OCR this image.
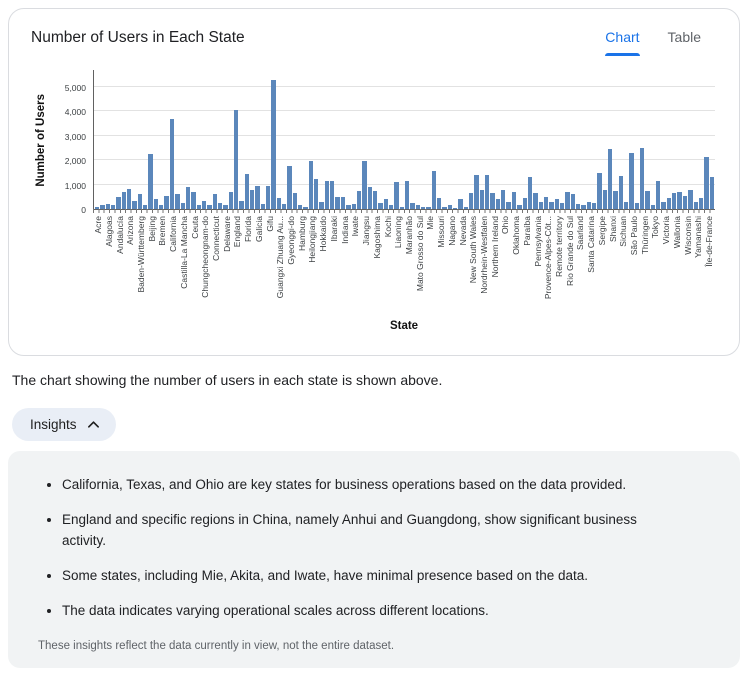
Number of Users in Each State	Chart Table
Number of Users
0
1,000
2,000
3,000
4,000
5,000
Acre Alagoas Andalucía Arizona Baden-Württemberg Beijing Bremen California Castilla-La Mancha Ceuta Chungcheongnam-do Connecticut Delaware England Florida Galicia Gifu Guangxi Zhuang Au... Gyeonggi-do Hamburg Heilongjiang Hokkaido Ibaraki Indiana Iwate Jiangsu Kagoshima Kochi Liaoning Maranhão Mato Grosso do Sul Mie Missouri Nagano Nevada New South Wales Nordrhein-Westfalen Northern Ireland Ohio Oklahoma Paraíba Pennsylvania Provence-Alpes-Côt... Remote territory Rio Grande do Sul Saarland Santa Catarina Sergipe Shanxi Sichuan São Paulo Thüringen Tokyo Victoria Wallonia Wisconsin Yamanashi Île-de-France
State

The chart showing the number of users in each state is shown above.

Insights
• California, Texas, and Ohio are key states for business operations based on the data provided.
• England and specific regions in China, namely Anhui and Guangdong, show significant business activity.
• Some states, including Mie, Akita, and Iwate, have minimal presence based on the data.
• The data indicates varying operational scales across different locations.
These insights reflect the data currently in view, not the entire dataset.
